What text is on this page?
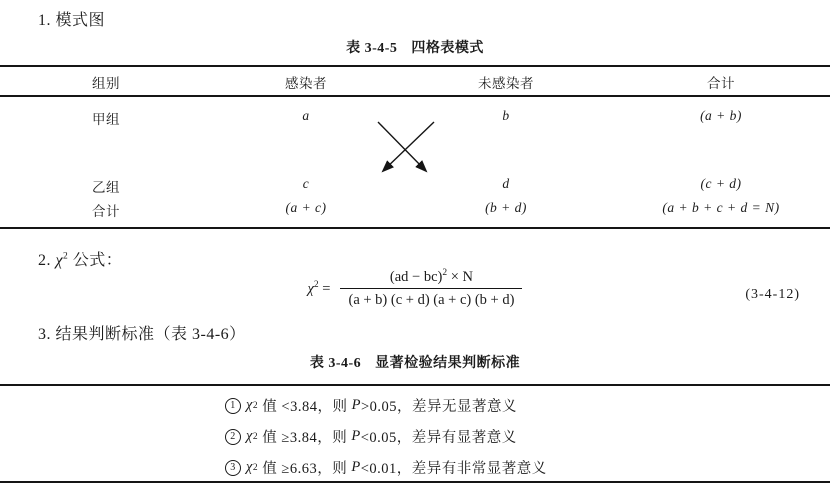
1. 模式图
表 3-4-5 四格表模式
组别	感染者	未感染者	合计
甲组	a	b	(a + b)
乙组	c	d	(c + d)
合计	(a + c)	(b + d)	(a + b + c + d = N)
2. $\chi^2$ 公式：
$\chi^2 = \frac{(ad - bc)^2 \times N}{(a + b) (c + d) (a + c) (b + d)}$	(3-4-12)
3. 结果判断标准（表 3-4-6）
表 3-4-6 显著检验结果判断标准
1 χ 2 值 <3.84，则 P >0.05，差异无显著意义
2 χ 2 值 ≥3.84，则 P <0.05，差异有显著意义
3 χ 2 值 ≥6.63，则 P <0.01，差异有非常显著意义
